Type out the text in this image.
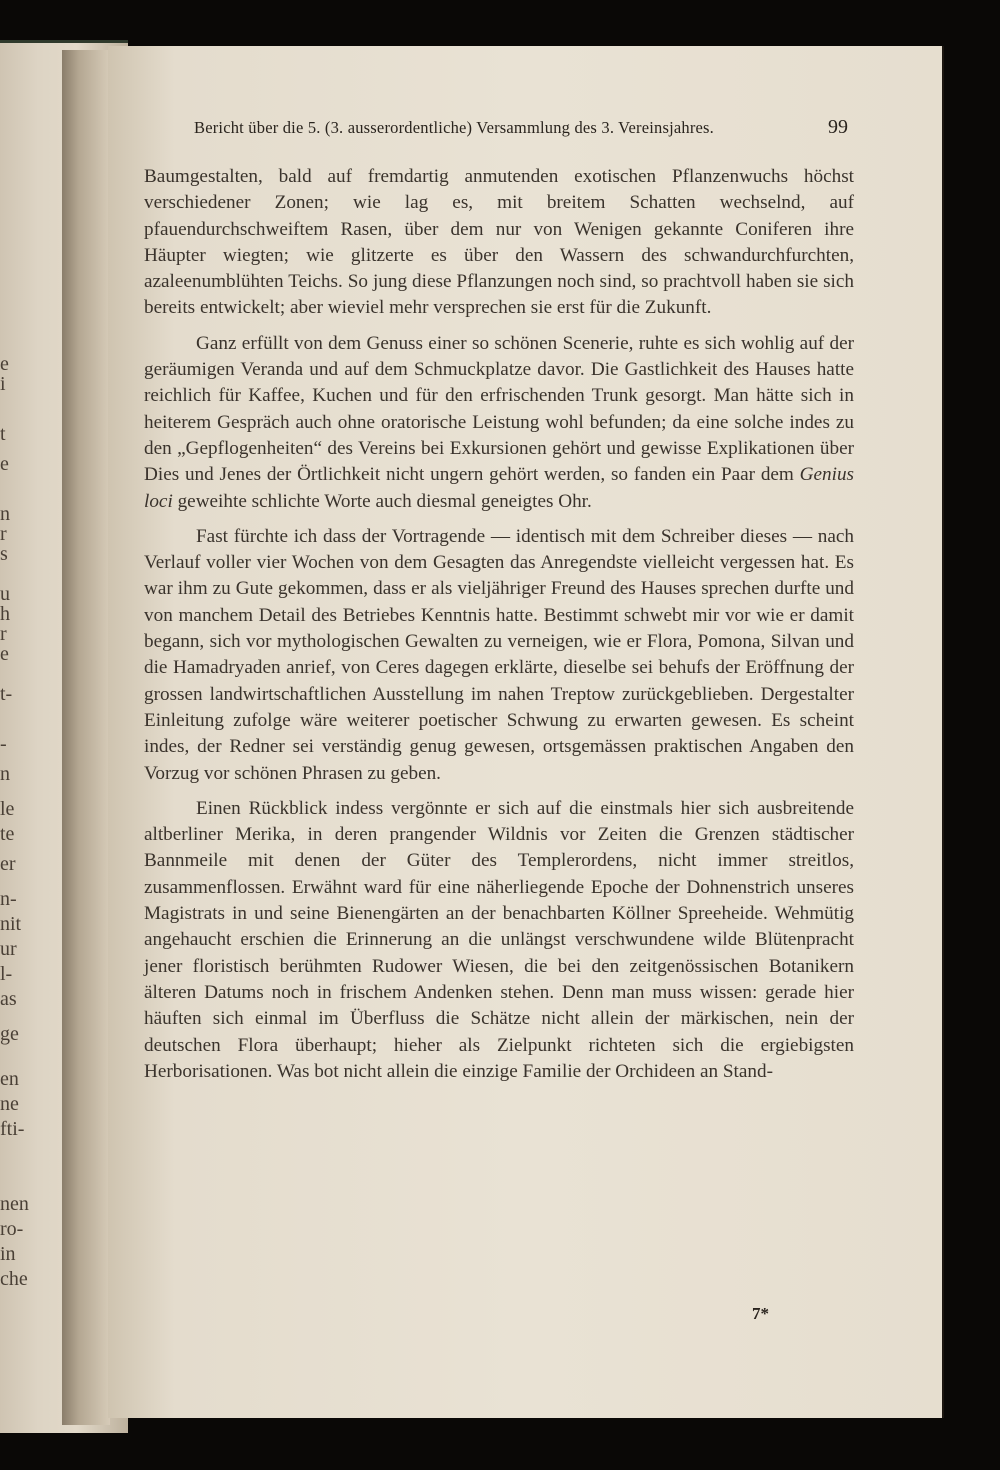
e
i
t
e
n
r
s
u
h
r
e
t-
-
n
le
te
er
n-
nit
ur
l-
as
ge
en
ne
fti-
nen
ro-
in
che
Bericht über die 5. (3. ausserordentliche) Versammlung des 3. Vereinsjahres.	99

Baumgestalten, bald auf fremdartig anmutenden exotischen Pflanzenwuchs höchst verschiedener Zonen; wie lag es, mit breitem Schatten wechselnd, auf pfauendurchschweiftem Rasen, über dem nur von Wenigen gekannte Coniferen ihre Häupter wiegten; wie glitzerte es über den Wassern des schwandurchfurchten, azaleenumblühten Teichs. So jung diese Pflanzungen noch sind, so prachtvoll haben sie sich bereits entwickelt; aber wieviel mehr versprechen sie erst für die Zukunft.

Ganz erfüllt von dem Genuss einer so schönen Scenerie, ruhte es sich wohlig auf der geräumigen Veranda und auf dem Schmuckplatze davor. Die Gastlichkeit des Hauses hatte reichlich für Kaffee, Kuchen und für den erfrischenden Trunk gesorgt. Man hätte sich in heiterem Gespräch auch ohne oratorische Leistung wohl befunden; da eine solche indes zu den „Gepflogenheiten“ des Vereins bei Exkursionen gehört und gewisse Explikationen über Dies und Jenes der Örtlichkeit nicht ungern gehört werden, so fanden ein Paar dem Genius loci geweihte schlichte Worte auch diesmal geneigtes Ohr.

Fast fürchte ich dass der Vortragende — identisch mit dem Schreiber dieses — nach Verlauf voller vier Wochen von dem Gesagten das Anregendste vielleicht vergessen hat. Es war ihm zu Gute gekommen, dass er als vieljähriger Freund des Hauses sprechen durfte und von manchem Detail des Betriebes Kenntnis hatte. Bestimmt schwebt mir vor wie er damit begann, sich vor mythologischen Gewalten zu verneigen, wie er Flora, Pomona, Silvan und die Hamadryaden anrief, von Ceres dagegen erklärte, dieselbe sei behufs der Eröffnung der grossen landwirtschaftlichen Ausstellung im nahen Treptow zurückgeblieben. Dergestalter Einleitung zufolge wäre weiterer poetischer Schwung zu erwarten gewesen. Es scheint indes, der Redner sei verständig genug gewesen, ortsgemässen praktischen Angaben den Vorzug vor schönen Phrasen zu geben.

Einen Rückblick indess vergönnte er sich auf die einstmals hier sich ausbreitende altberliner Merika, in deren prangender Wildnis vor Zeiten die Grenzen städtischer Bannmeile mit denen der Güter des Templerordens, nicht immer streitlos, zusammenflossen. Erwähnt ward für eine näherliegende Epoche der Dohnenstrich unseres Magistrats in und seine Bienengärten an der benachbarten Köllner Spreeheide. Wehmütig angehaucht erschien die Erinnerung an die unlängst verschwundene wilde Blütenpracht jener floristisch berühmten Rudower Wiesen, die bei den zeitgenössischen Botanikern älteren Datums noch in frischem Andenken stehen. Denn man muss wissen: gerade hier häuften sich einmal im Überfluss die Schätze nicht allein der märkischen, nein der deutschen Flora überhaupt; hieher als Zielpunkt richteten sich die ergiebigsten Herborisationen. Was bot nicht allein die einzige Familie der Orchideen an Stand-

7*
